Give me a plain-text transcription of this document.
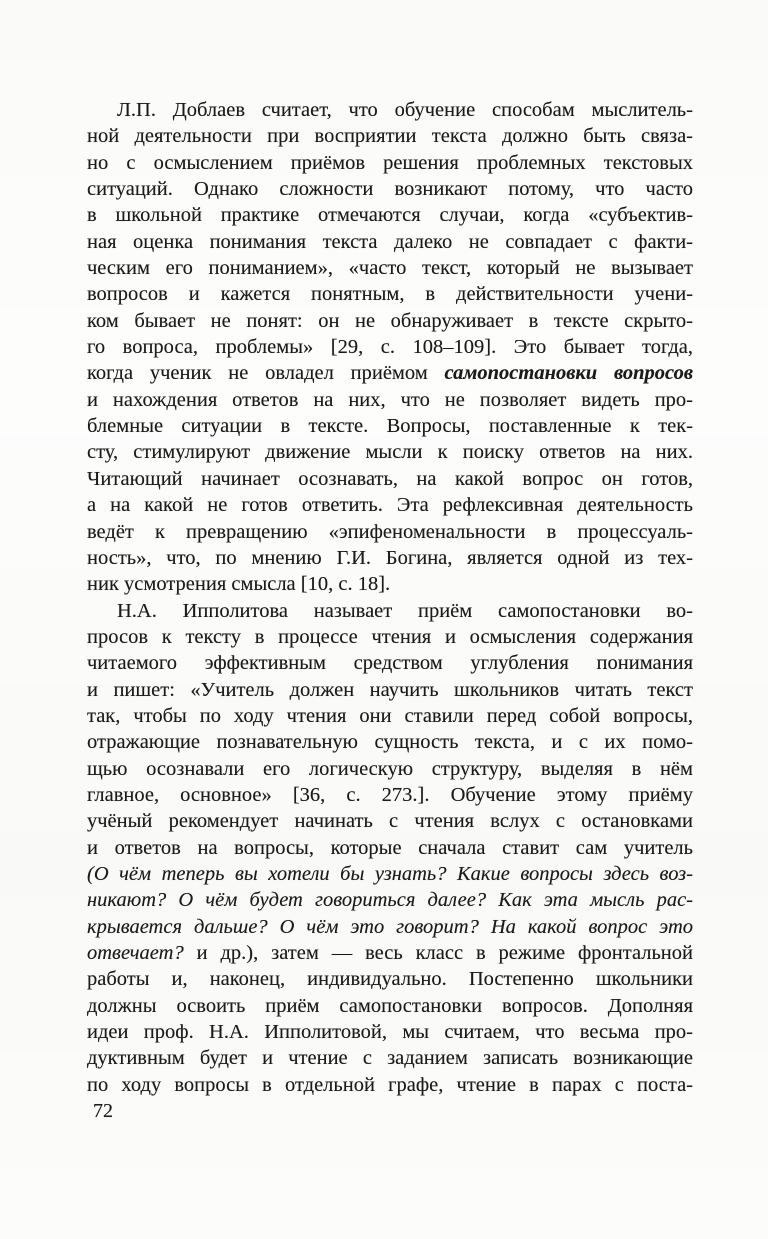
Л.П. Доблаев считает, что обучение способам мыслитель-
ной деятельности при восприятии текста должно быть связа-
но с осмыслением приёмов решения проблемных текстовых
ситуаций. Однако сложности возникают потому, что часто
в школьной практике отмечаются случаи, когда «субъектив-
ная оценка понимания текста далеко не совпадает с факти-
ческим его пониманием», «часто текст, который не вызывает
вопросов и кажется понятным, в действительности учени-
ком бывает не понят: он не обнаруживает в тексте скрыто-
го вопроса, проблемы» [29, с. 108–109]. Это бывает тогда,
когда ученик не овладел приёмом самопостановки вопросов
и нахождения ответов на них, что не позволяет видеть про-
блемные ситуации в тексте. Вопросы, поставленные к тек-
сту, стимулируют движение мысли к поиску ответов на них.
Читающий начинает осознавать, на какой вопрос он готов,
а на какой не готов ответить. Эта рефлексивная деятельность
ведёт к превращению «эпифеноменальности в процессуаль-
ность», что, по мнению Г.И. Богина, является одной из тех-
ник усмотрения смысла [10, с. 18].
Н.А. Ипполитова называет приём самопостановки во-
просов к тексту в процессе чтения и осмысления содержания
читаемого эффективным средством углубления понимания
и пишет: «Учитель должен научить школьников читать текст
так, чтобы по ходу чтения они ставили перед собой вопросы,
отражающие познавательную сущность текста, и с их помо-
щью осознавали его логическую структуру, выделяя в нём
главное, основное» [36, с. 273.]. Обучение этому приёму
учёный рекомендует начинать с чтения вслух с остановками
и ответов на вопросы, которые сначала ставит сам учитель
(О чём теперь вы хотели бы узнать? Какие вопросы здесь воз-
никают? О чём будет говориться далее? Как эта мысль рас-
крывается дальше? О чём это говорит? На какой вопрос это
отвечает? и др.), затем — весь класс в режиме фронтальной
работы и, наконец, индивидуально. Постепенно школьники
должны освоить приём самопостановки вопросов. Дополняя
идеи проф. Н.А. Ипполитовой, мы считаем, что весьма про-
дуктивным будет и чтение с заданием записать возникающие
по ходу вопросы в отдельной графе, чтение в парах с поста-
72
